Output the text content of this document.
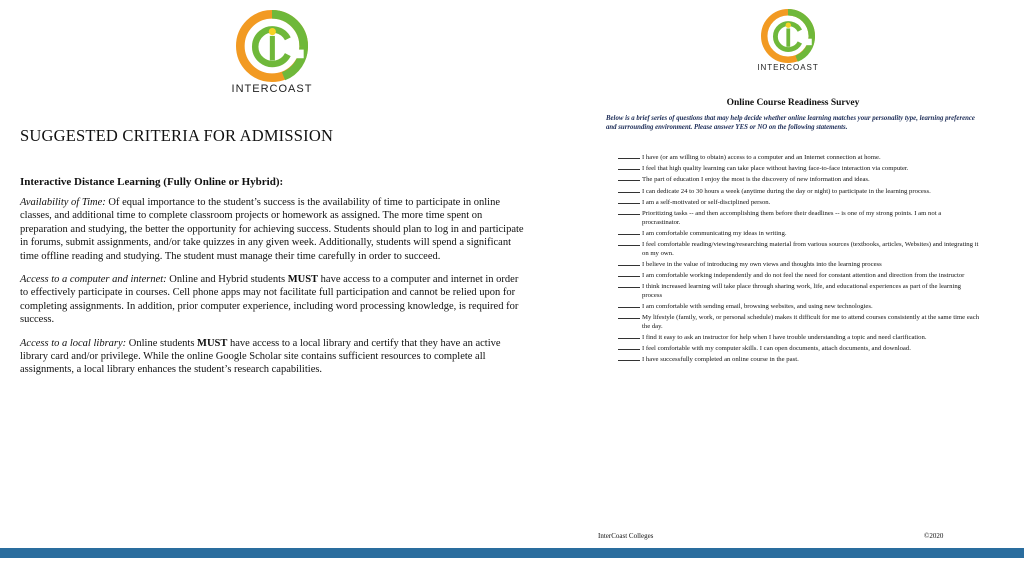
INTERCOAST
INTERCOAST
SUGGESTED CRITERIA FOR ADMISSION
Interactive Distance Learning (Fully Online or Hybrid):

Availability of Time: Of equal importance to the student’s success is the availability of time to participate in online classes, and additional time to complete classroom projects or homework as assigned. The more time spent on preparation and studying, the better the opportunity for achieving success. Students should plan to log in and participate in forums, submit assignments, and/or take quizzes in any given week. Additionally, students will spend a significant time offline reading and studying. The student must manage their time carefully in order to succeed.

Access to a computer and internet: Online and Hybrid students MUST have access to a computer and internet in order to effectively participate in courses. Cell phone apps may not facilitate full participation and cannot be relied upon for completing assignments. In addition, prior computer experience, including word processing knowledge, is required for success.

Access to a local library: Online students MUST have access to a local library and certify that they have an active library card and/or privilege. While the online Google Scholar site contains sufficient resources to complete all assignments, a local library enhances the student’s research capabilities.

Online Course Readiness Survey
Below is a brief series of questions that may help decide whether online learning matches your personality type, learning preference and surrounding environment. Please answer YES or NO on the following statements.
I have (or am willing to obtain) access to a computer and an Internet connection at home.
I feel that high quality learning can take place without having face-to-face interaction via computer.
The part of education I enjoy the most is the discovery of new information and ideas.
I can dedicate 24 to 30 hours a week (anytime during the day or night) to participate in the learning process.
I am a self-motivated or self-disciplined person.
Prioritizing tasks -- and then accomplishing them before their deadlines -- is one of my strong points. I am not a procrastinator.
I am comfortable communicating my ideas in writing.
I feel comfortable reading/viewing/researching material from various sources (textbooks, articles, Websites) and integrating it on my own.
I believe in the value of introducing my own views and thoughts into the learning process
I am comfortable working independently and do not feel the need for constant attention and direction from the instructor
I think increased learning will take place through sharing work, life, and educational experiences as part of the learning process
I am comfortable with sending email, browsing websites, and using new technologies.
My lifestyle (family, work, or personal schedule) makes it difficult for me to attend courses consistently at the same time each the day.
I find it easy to ask an instructor for help when I have trouble understanding a topic and need clarification.
I feel comfortable with my computer skills. I can open documents, attach documents, and download.
I have successfully completed an online course in the past.
InterCoast Colleges	©2020
